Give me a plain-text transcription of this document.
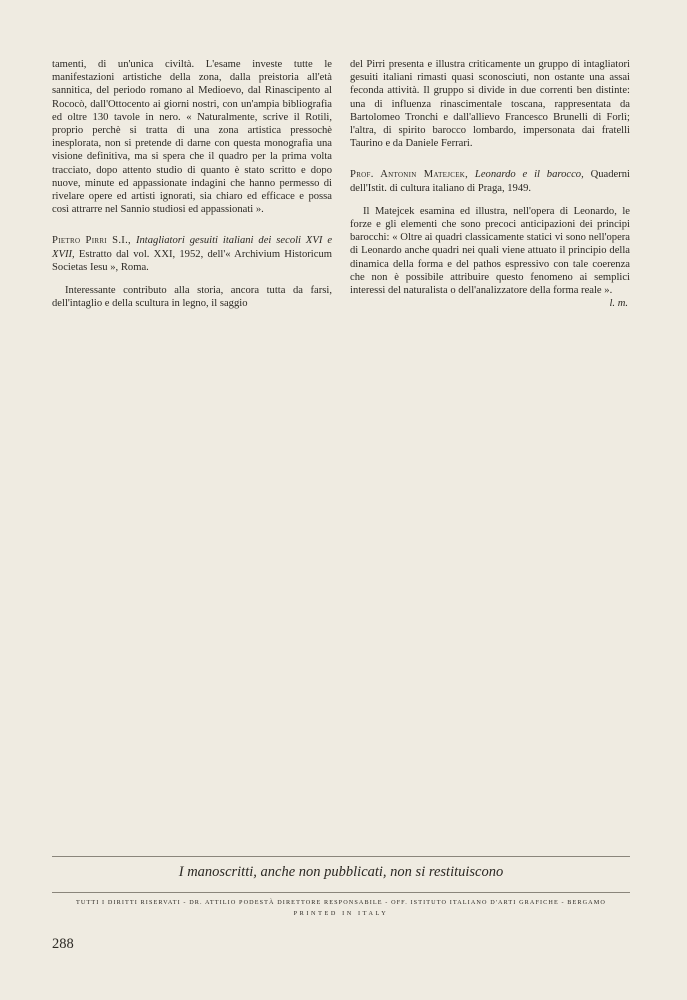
tamenti, di un'unica civiltà. L'esame investe tutte le manifestazioni artistiche della zona, dalla preistoria all'età sannitica, del periodo romano al Medioevo, dal Rinascipento al Rococò, dall'Ottocento ai giorni nostri, con un'ampia bibliografia ed oltre 130 tavole in nero. « Naturalmente, scrive il Rotili, proprio perchè si tratta di una zona artistica pressochè inesplorata, non si pretende di darne con questa monografia una visione definitiva, ma si spera che il quadro per la prima volta tracciato, dopo attento studio di quanto è stato scritto e dopo nuove, minute ed appassionate indagini che hanno permesso di rivelare opere ed artisti ignorati, sia chiaro ed efficace e possa così attrarre nel Sannio studiosi ed appassionati ».

Pietro Pirri S.I., Intagliatori gesuiti italiani dei secoli XVI e XVII, Estratto dal vol. XXI, 1952, dell'« Archivium Historicum Societas Iesu », Roma.

Interessante contributo alla storia, ancora tutta da farsi, dell'intaglio e della scultura in legno, il saggio

del Pirri presenta e illustra criticamente un gruppo di intagliatori gesuiti italiani rimasti quasi sconosciuti, non ostante una assai feconda attività. Il gruppo si divide in due correnti ben distinte: una di influenza rinascimentale toscana, rappresentata da Bartolomeo Tronchi e dall'allievo Francesco Brunelli di Forlì; l'altra, di spirito barocco lombardo, impersonata dai fratelli Taurino e da Daniele Ferrari.

Prof. Antonin Matejcek, Leonardo e il barocco, Quaderni dell'Istit. di cultura italiano di Praga, 1949.

Il Matejcek esamina ed illustra, nell'opera di Leonardo, le forze e gli elementi che sono precoci anticipazioni dei principi barocchi: « Oltre ai quadri classicamente statici vi sono nell'opera di Leonardo anche quadri nei quali viene attuato il principio della dinamica della forma e del pathos espressivo con tale coerenza che non è possibile attribuire questo fenomeno ai semplici interessi del naturalista o dell'analizzatore della forma reale ».

l. m.

I manoscritti, anche non pubblicati, non si restituiscono
TUTTI I DIRITTI RISERVATI - DR. ATTILIO PODESTÀ DIRETTORE RESPONSABILE - OFF. ISTITUTO ITALIANO D'ARTI GRAFICHE - BERGAMO
PRINTED IN ITALY
288
